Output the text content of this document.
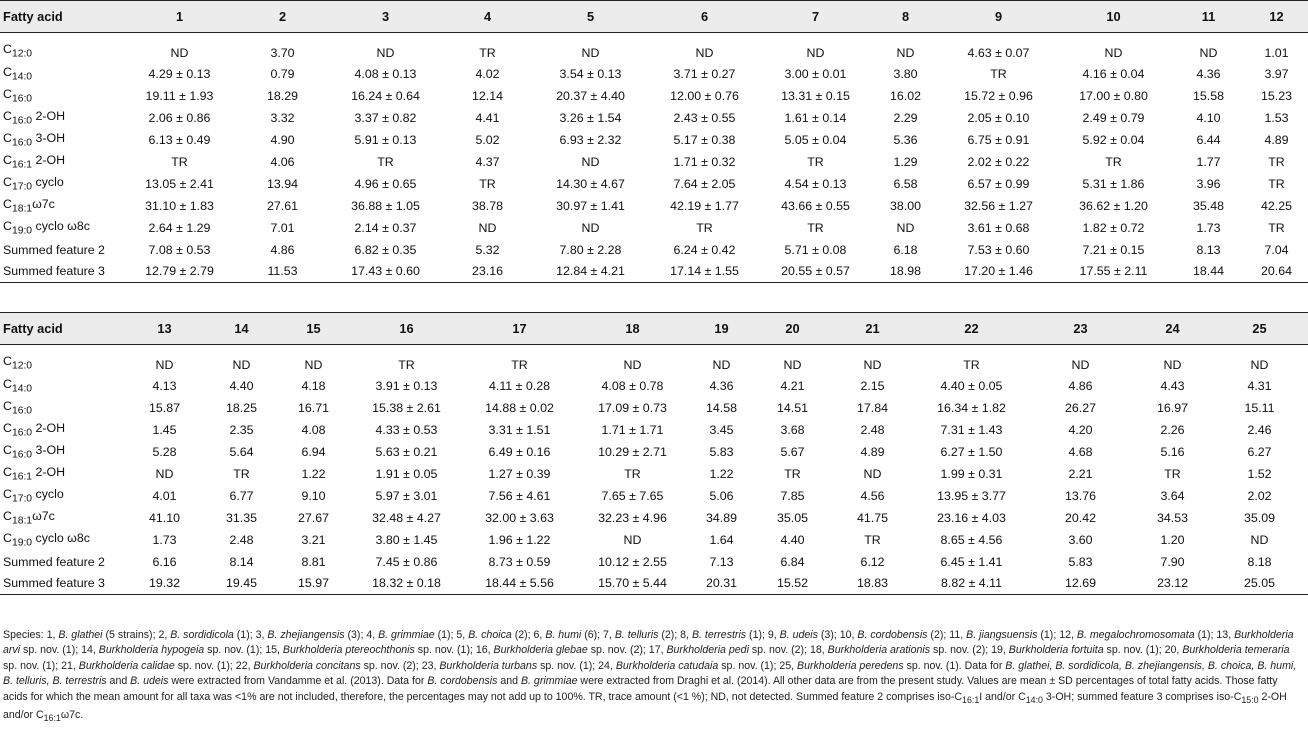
Fatty acid	1	2	3	4	5	6	7	8	9	10	11	12
$C_{12:0}$	ND	3.70	ND	TR	ND	ND	ND	ND	4.63 ± 0.07	ND	ND	1.01
$C_{14:0}$	4.29 ± 0.13	0.79	4.08 ± 0.13	4.02	3.54 ± 0.13	3.71 ± 0.27	3.00 ± 0.01	3.80	TR	4.16 ± 0.04	4.36	3.97
$C_{16:0}$	19.11 ± 1.93	18.29	16.24 ± 0.64	12.14	20.37 ± 4.40	12.00 ± 0.76	13.31 ± 0.15	16.02	15.72 ± 0.96	17.00 ± 0.80	15.58	15.23
$C_{16:0}$ 2-OH	2.06 ± 0.86	3.32	3.37 ± 0.82	4.41	3.26 ± 1.54	2.43 ± 0.55	1.61 ± 0.14	2.29	2.05 ± 0.10	2.49 ± 0.79	4.10	1.53
$C_{16:0}$ 3-OH	6.13 ± 0.49	4.90	5.91 ± 0.13	5.02	6.93 ± 2.32	5.17 ± 0.38	5.05 ± 0.04	5.36	6.75 ± 0.91	5.92 ± 0.04	6.44	4.89
$C_{16:1}$ 2-OH	TR	4.06	TR	4.37	ND	1.71 ± 0.32	TR	1.29	2.02 ± 0.22	TR	1.77	TR
$C_{17:0}$ cyclo	13.05 ± 2.41	13.94	4.96 ± 0.65	TR	14.30 ± 4.67	7.64 ± 2.05	4.54 ± 0.13	6.58	6.57 ± 0.99	5.31 ± 1.86	3.96	TR
$C_{18:1}\omega 7c$	31.10 ± 1.83	27.61	36.88 ± 1.05	38.78	30.97 ± 1.41	42.19 ± 1.77	43.66 ± 0.55	38.00	32.56 ± 1.27	36.62 ± 1.20	35.48	42.25
$C_{19:0}$ cyclo ω8c	2.64 ± 1.29	7.01	2.14 ± 0.37	ND	ND	TR	TR	ND	3.61 ± 0.68	1.82 ± 0.72	1.73	TR
Summed feature 2	7.08 ± 0.53	4.86	6.82 ± 0.35	5.32	7.80 ± 2.28	6.24 ± 0.42	5.71 ± 0.08	6.18	7.53 ± 0.60	7.21 ± 0.15	8.13	7.04
Summed feature 3	12.79 ± 2.79	11.53	17.43 ± 0.60	23.16	12.84 ± 4.21	17.14 ± 1.55	20.55 ± 0.57	18.98	17.20 ± 1.46	17.55 ± 2.11	18.44	20.64
Fatty acid	13	14	15	16	17	18	19	20	21	22	23	24	25
$C_{12:0}$	ND	ND	ND	TR	TR	ND	ND	ND	ND	TR	ND	ND	ND
$C_{14:0}$	4.13	4.40	4.18	3.91 ± 0.13	4.11 ± 0.28	4.08 ± 0.78	4.36	4.21	2.15	4.40 ± 0.05	4.86	4.43	4.31
$C_{16:0}$	15.87	18.25	16.71	15.38 ± 2.61	14.88 ± 0.02	17.09 ± 0.73	14.58	14.51	17.84	16.34 ± 1.82	26.27	16.97	15.11
$C_{16:0}$ 2-OH	1.45	2.35	4.08	4.33 ± 0.53	3.31 ± 1.51	1.71 ± 1.71	3.45	3.68	2.48	7.31 ± 1.43	4.20	2.26	2.46
$C_{16:0}$ 3-OH	5.28	5.64	6.94	5.63 ± 0.21	6.49 ± 0.16	10.29 ± 2.71	5.83	5.67	4.89	6.27 ± 1.50	4.68	5.16	6.27
$C_{16:1}$ 2-OH	ND	TR	1.22	1.91 ± 0.05	1.27 ± 0.39	TR	1.22	TR	ND	1.99 ± 0.31	2.21	TR	1.52
$C_{17:0}$ cyclo	4.01	6.77	9.10	5.97 ± 3.01	7.56 ± 4.61	7.65 ± 7.65	5.06	7.85	4.56	13.95 ± 3.77	13.76	3.64	2.02
$C_{18:1}\omega 7c$	41.10	31.35	27.67	32.48 ± 4.27	32.00 ± 3.63	32.23 ± 4.96	34.89	35.05	41.75	23.16 ± 4.03	20.42	34.53	35.09
$C_{19:0}$ cyclo ω8c	1.73	2.48	3.21	3.80 ± 1.45	1.96 ± 1.22	ND	1.64	4.40	TR	8.65 ± 4.56	3.60	1.20	ND
Summed feature 2	6.16	8.14	8.81	7.45 ± 0.86	8.73 ± 0.59	10.12 ± 2.55	7.13	6.84	6.12	6.45 ± 1.41	5.83	7.90	8.18
Summed feature 3	19.32	19.45	15.97	18.32 ± 0.18	18.44 ± 5.56	15.70 ± 5.44	20.31	15.52	18.83	8.82 ± 4.11	12.69	23.12	25.05
Species: 1, B. glathei (5 strains); 2, B. sordidicola (1); 3, B. zhejiangensis (3); 4, B. grimmiae (1); 5, B. choica (2); 6, B. humi (6); 7, B. telluris (2); 8, B. terrestris (1); 9, B. udeis (3); 10, B. cordobensis (2); 11, B. jiangsuensis (1); 12, B. megalochromosomata (1); 13, Burkholderia arvi sp. nov. (1); 14, Burkholderia hypogeia sp. nov. (1); 15, Burkholderia ptereochthonis sp. nov. (1); 16, Burkholderia glebae sp. nov. (2); 17, Burkholderia pedi sp. nov. (2); 18, Burkholderia arationis sp. nov. (2); 19, Burkholderia fortuita sp. nov. (1); 20, Burkholderia temeraria sp. nov. (1); 21, Burkholderia calidae sp. nov. (1); 22, Burkholderia concitans sp. nov. (2); 23, Burkholderia turbans sp. nov. (1); 24, Burkholderia catudaia sp. nov. (1); 25, Burkholderia peredens sp. nov. (1). Data for B. glathei, B. sordidicola, B. zhejiangensis, B. choica, B. humi, B. telluris, B. terrestris and B. udeis were extracted from Vandamme et al. (2013). Data for B. cordobensis and B. grimmiae were extracted from Draghi et al. (2014). All other data are from the present study. Values are mean ± SD percentages of total fatty acids. Those fatty acids for which the mean amount for all taxa was <1% are not included, therefore, the percentages may not add up to 100%. TR, trace amount (<1 %); ND, not detected. Summed feature 2 comprises iso-$C_{16:1}I$ and/or $C_{14:0}$ 3-OH; summed feature 3 comprises iso-$C_{15:0}$ 2-OH and/or $C_{16:1}\omega 7c$.
